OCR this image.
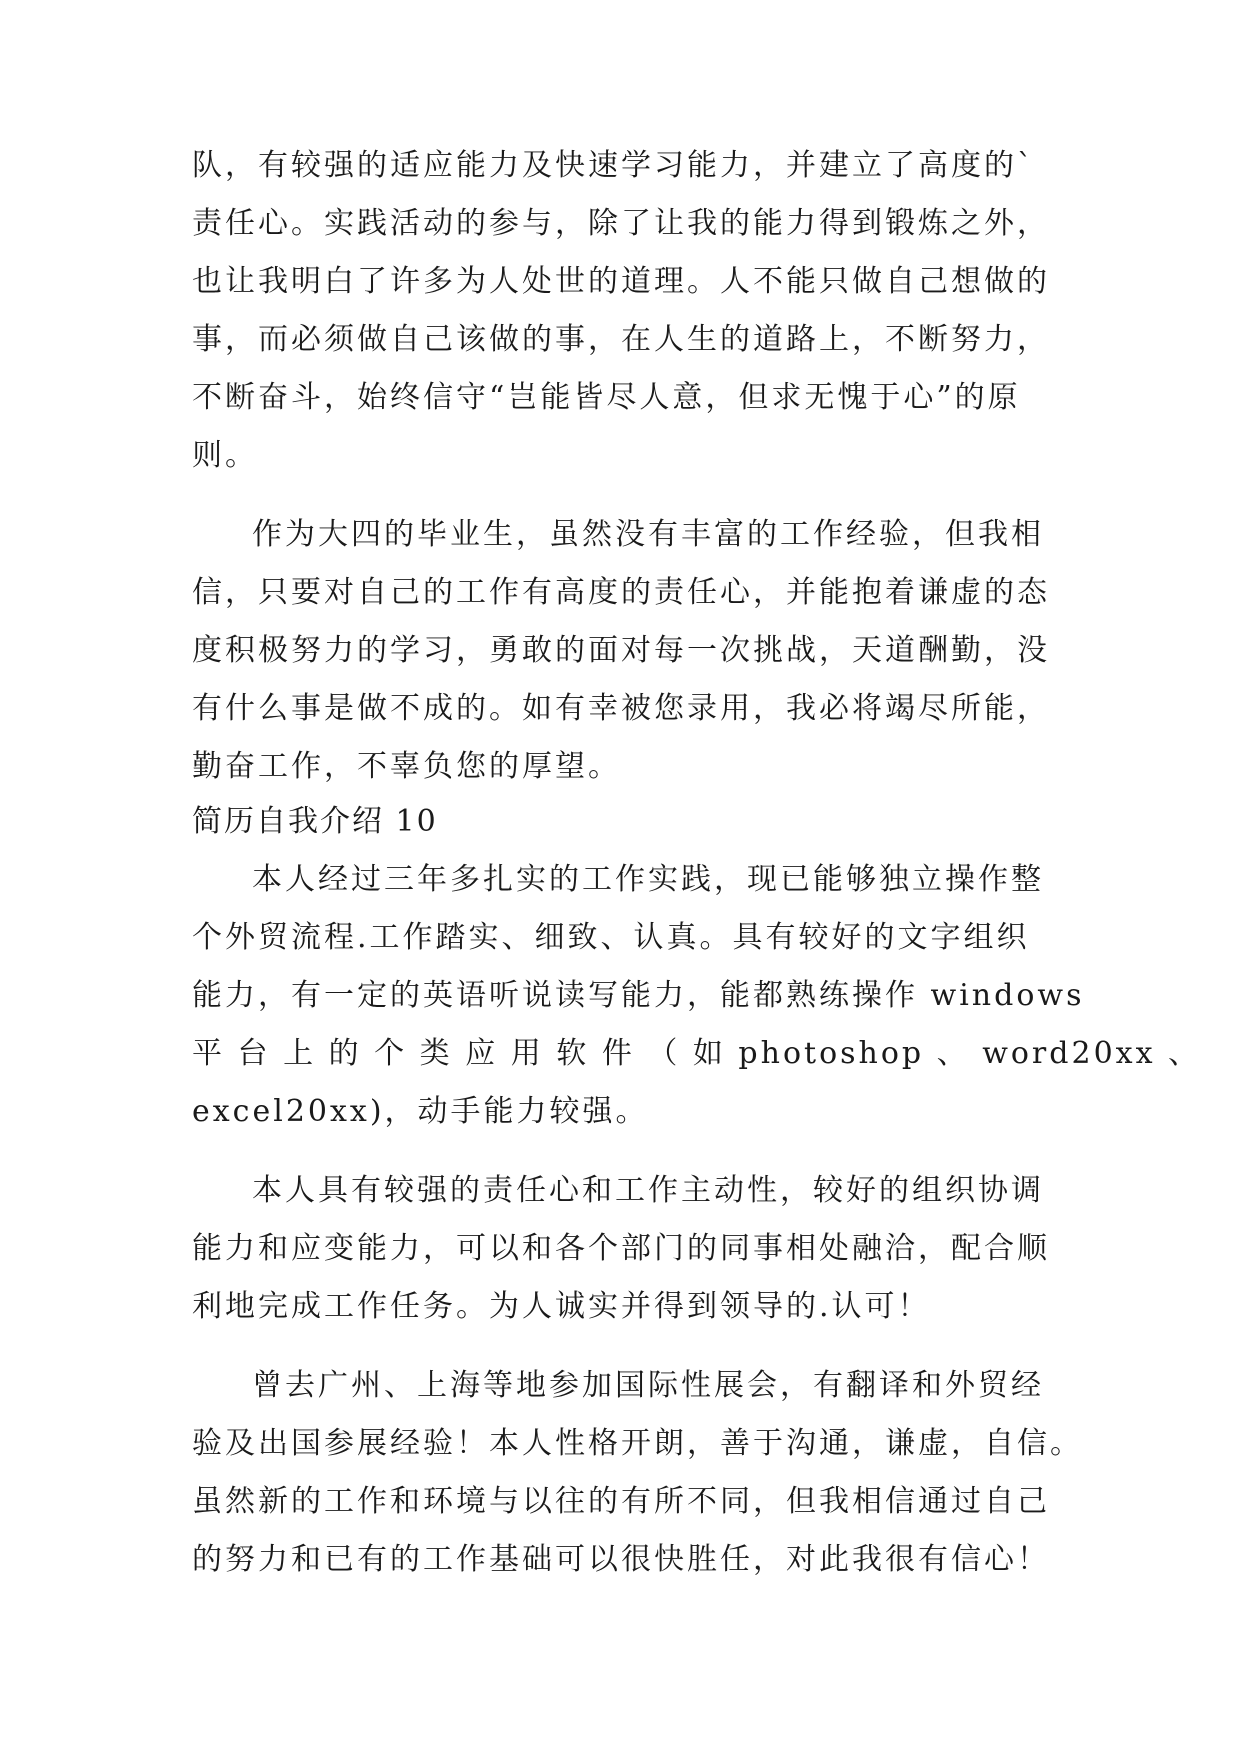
队，有较强的适应能力及快速学习能力，并建立了高度的`
责任心。实践活动的参与，除了让我的能力得到锻炼之外，
也让我明白了许多为人处世的道理。人不能只做自己想做的
事，而必须做自己该做的事，在人生的道路上，不断努力，
不断奋斗，始终信守“岂能皆尽人意，但求无愧于心”的原
则。
作为大四的毕业生，虽然没有丰富的工作经验，但我相
信，只要对自己的工作有高度的责任心，并能抱着谦虚的态
度积极努力的学习，勇敢的面对每一次挑战，天道酬勤，没
有什么事是做不成的。如有幸被您录用，我必将竭尽所能，
勤奋工作，不辜负您的厚望。
简历自我介绍 10
本人经过三年多扎实的工作实践，现已能够独立操作整
个外贸流程.工作踏实、细致、认真。具有较好的文字组织
能力，有一定的英语听说读写能力，能都熟练操作 windows
平 台 上 的 个 类 应 用 软 件 （ 如 photoshop 、 word20xx 、
excel20xx)，动手能力较强。
本人具有较强的责任心和工作主动性，较好的组织协调
能力和应变能力，可以和各个部门的同事相处融洽，配合顺
利地完成工作任务。为人诚实并得到领导的.认可！
曾去广州、上海等地参加国际性展会，有翻译和外贸经
验及出国参展经验！本人性格开朗，善于沟通，谦虚，自信。
虽然新的工作和环境与以往的有所不同，但我相信通过自己
的努力和已有的工作基础可以很快胜任，对此我很有信心！
